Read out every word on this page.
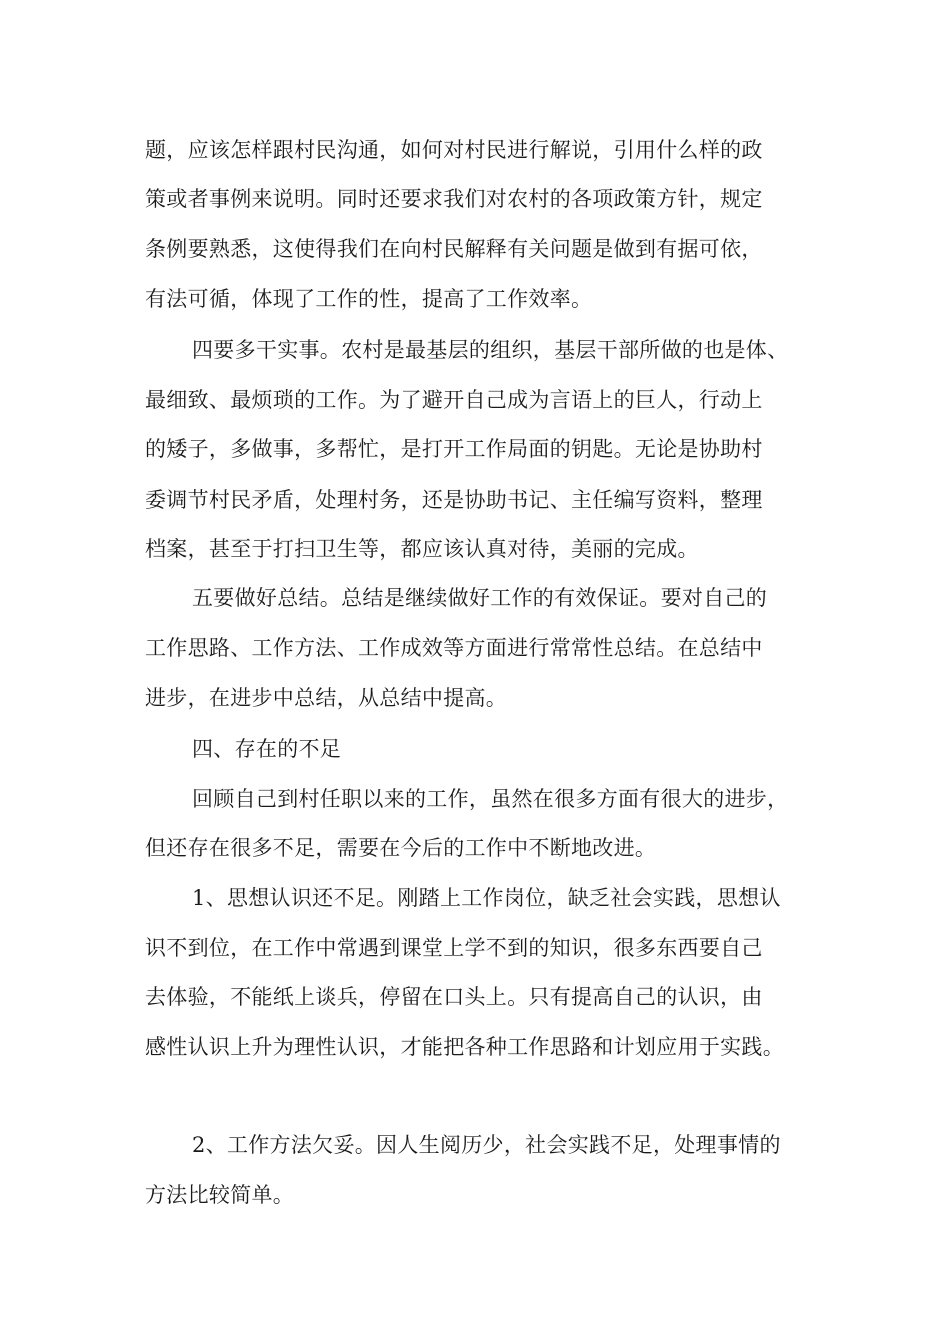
题，应该怎样跟村民沟通，如何对村民进行解说，引用什么样的政

策或者事例来说明。同时还要求我们对农村的各项政策方针，规定

条例要熟悉，这使得我们在向村民解释有关问题是做到有据可依，

有法可循，体现了工作的性，提高了工作效率。

四要多干实事。农村是最基层的组织，基层干部所做的也是体、

最细致、最烦琐的工作。为了避开自己成为言语上的巨人，行动上

的矮子，多做事，多帮忙，是打开工作局面的钥匙。无论是协助村

委调节村民矛盾，处理村务，还是协助书记、主任编写资料，整理

档案，甚至于打扫卫生等，都应该认真对待，美丽的完成。

五要做好总结。总结是继续做好工作的有效保证。要对自己的

工作思路、工作方法、工作成效等方面进行常常性总结。在总结中

进步，在进步中总结，从总结中提高。

四、存在的不足

回顾自己到村任职以来的工作，虽然在很多方面有很大的进步，

但还存在很多不足，需要在今后的工作中不断地改进。

1、思想认识还不足。刚踏上工作岗位，缺乏社会实践，思想认

识不到位，在工作中常遇到课堂上学不到的知识，很多东西要自己

去体验，不能纸上谈兵，停留在口头上。只有提高自己的认识，由

感性认识上升为理性认识，才能把各种工作思路和计划应用于实践。

2、工作方法欠妥。因人生阅历少，社会实践不足，处理事情的

方法比较简单。
